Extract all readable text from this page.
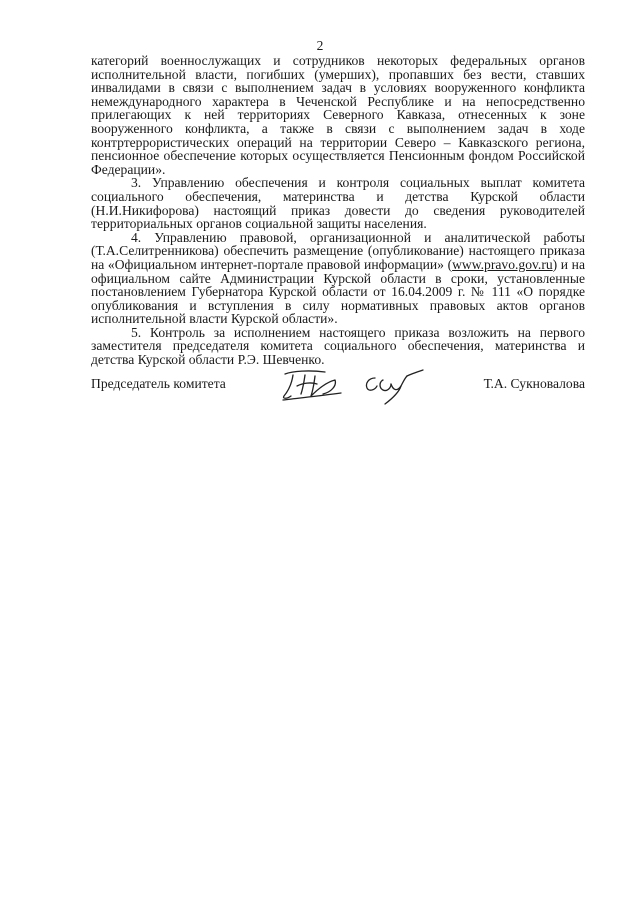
2

категорий военнослужащих и сотрудников некоторых федеральных органов исполнительной власти, погибших (умерших), пропавших без вести, ставших инвалидами в связи с выполнением задач в условиях вооруженного конфликта немеждународного характера в Чеченской Республике и на непосредственно прилегающих к ней территориях Северного Кавказа, отнесенных к зоне вооруженного конфликта, а также в связи с выполнением задач в ходе контртеррористических операций на территории Северо – Кавказского региона, пенсионное обеспечение которых осуществляется Пенсионным фондом Российской Федерации».

3. Управлению обеспечения и контроля социальных выплат комитета социального обеспечения, материнства и детства Курской области (Н.И.Никифорова) настоящий приказ довести до сведения руководителей территориальных органов социальной защиты населения.

4. Управлению правовой, организационной и аналитической работы (Т.А.Селитренникова) обеспечить размещение (опубликование) настоящего приказа на «Официальном интернет-портале правовой информации» (www.pravo.gov.ru) и на официальном сайте Администрации Курской области в сроки, установленные постановлением Губернатора Курской области от 16.04.2009 г. № 111 «О порядке опубликования и вступления в силу нормативных правовых актов органов исполнительной власти Курской области».

5. Контроль за исполнением настоящего приказа возложить на первого заместителя председателя комитета социального обеспечения, материнства и детства Курской области Р.Э. Шевченко.

Председатель комитета	Т.А. Сукновалова
